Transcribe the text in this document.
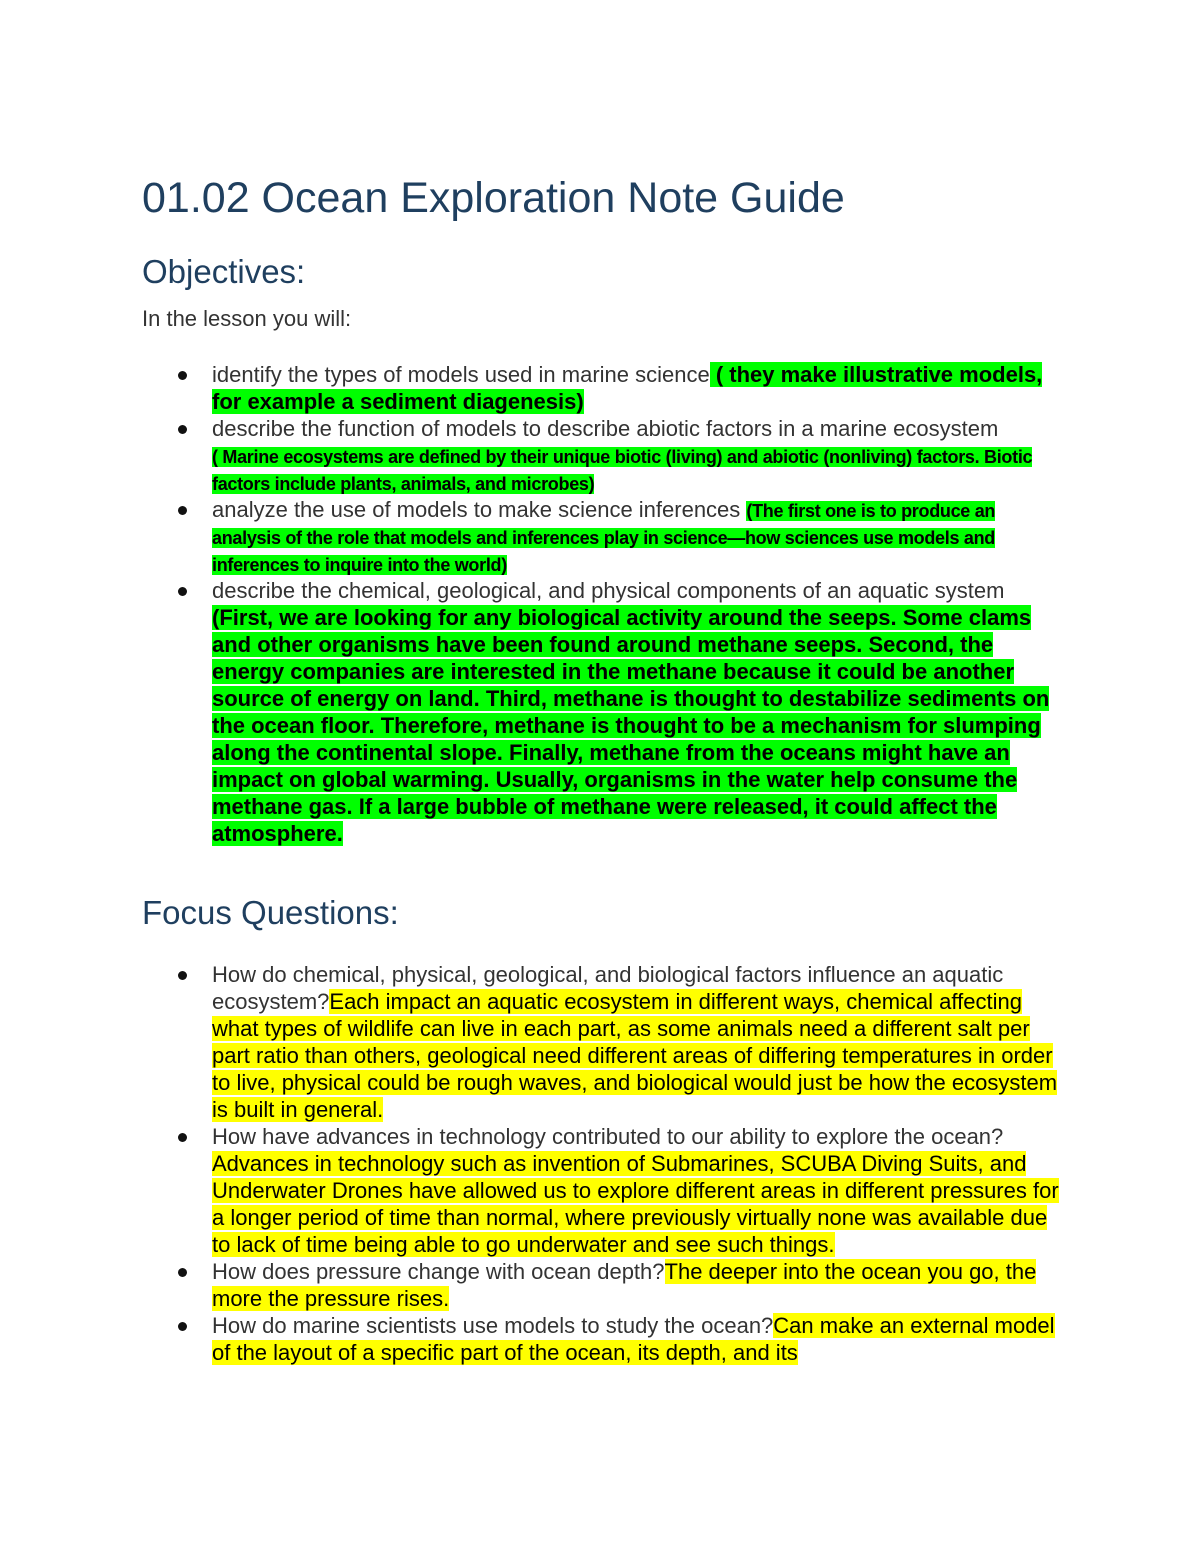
01.02 Ocean Exploration Note Guide
Objectives:

In the lesson you will:

identify the types of models used in marine science ( they make illustrative models, for example a sediment diagenesis)
describe the function of models to describe abiotic factors in a marine ecosystem
( Marine ecosystems are defined by their unique biotic (living) and abiotic (nonliving) factors. Biotic factors include plants, animals, and microbes)
analyze the use of models to make science inferences (The first one is to produce an analysis of the role that models and inferences play in science—how sciences use models and inferences to inquire into the world)
describe the chemical, geological, and physical components of an aquatic system (First, we are looking for any biological activity around the seeps. Some clams and other organisms have been found around methane seeps. Second, the energy companies are interested in the methane because it could be another source of energy on land. Third, methane is thought to destabilize sediments on the ocean floor. Therefore, methane is thought to be a mechanism for slumping along the continental slope. Finally, methane from the oceans might have an impact on global warming. Usually, organisms in the water help consume the methane gas. If a large bubble of methane were released, it could affect the atmosphere.
Focus Questions:
How do chemical, physical, geological, and biological factors influence an aquatic ecosystem?Each impact an aquatic ecosystem in different ways, chemical affecting what types of wildlife can live in each part, as some animals need a different salt per part ratio than others, geological need different areas of differing temperatures in order to live, physical could be rough waves, and biological would just be how the ecosystem is built in general.
How have advances in technology contributed to our ability to explore the ocean?Advances in technology such as invention of Submarines, SCUBA Diving Suits, and Underwater Drones have allowed us to explore different areas in different pressures for a longer period of time than normal, where previously virtually none was available due to lack of time being able to go underwater and see such things.
How does pressure change with ocean depth?The deeper into the ocean you go, the more the pressure rises.
How do marine scientists use models to study the ocean?Can make an external model of the layout of a specific part of the ocean, its depth, and its
